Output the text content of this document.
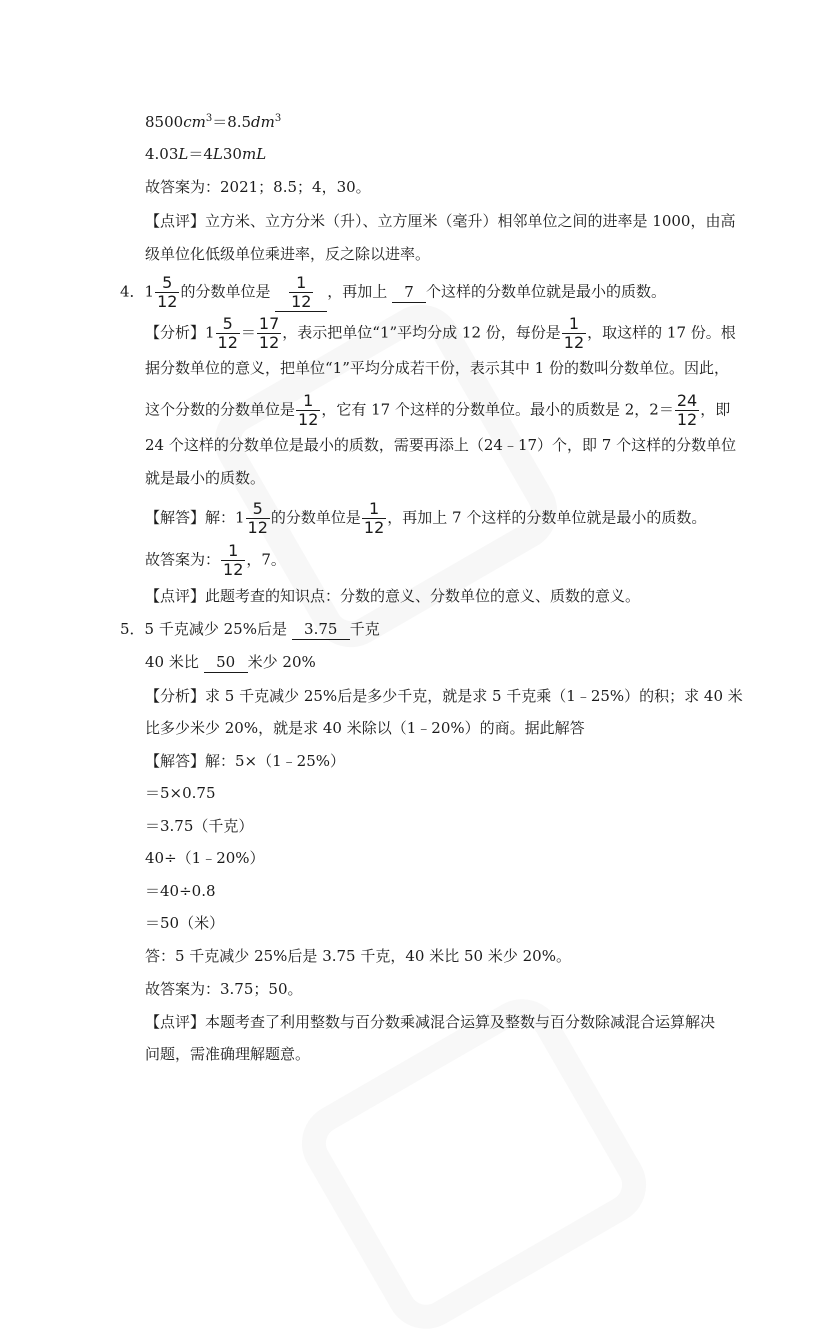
$8500cm^3=8.5dm^3$
4.03L＝4L30mL
故答案为：2021；8.5；4，30。
【点评】立方米、立方分米（升）、立方厘米（毫升）相邻单位之间的进率是 1000，由高
级单位化低级单位乘进率，反之除以进率。
4．$1 \frac{5}{12}$ 的分数单位是 $\frac{1}{12}$ ，再加上 7 个这样的分数单位就是最小的质数。
【分析】$1 \frac{5}{12} = \frac{17}{12}$ ，表示把单位“1”平均分成 12 份，每份是 $\frac{1}{12}$ ，取这样的 17 份。根
据分数单位的意义，把单位“1”平均分成若干份，表示其中 1 份的数叫分数单位。因此，
这个分数的分数单位是 $\frac{1}{12}$ ，它有 17 个这样的分数单位。最小的质数是 2，$2= \frac{24}{12}$ ，即
24 个这样的分数单位是最小的质数，需要再添上（24﹣17）个，即 7 个这样的分数单位
就是最小的质数。
【解答】解：$1 \frac{5}{12}$ 的分数单位是 $\frac{1}{12}$ ，再加上 7 个这样的分数单位就是最小的质数。
故答案为： $\frac{1}{12}$ ，7。
【点评】此题考查的知识点：分数的意义、分数单位的意义、质数的意义。
5．5 千克减少 25%后是 3.75 千克
40 米比 50 米少 20%
【分析】求 5 千克减少 25%后是多少千克，就是求 5 千克乘（1﹣25%）的积；求 40 米
比多少米少 20%，就是求 40 米除以（1﹣20%）的商。据此解答
【解答】解：5×（1﹣25%）
＝5×0.75
＝3.75（千克）
40÷（1﹣20%）
＝40÷0.8
＝50（米）
答：5 千克减少 25%后是 3.75 千克，40 米比 50 米少 20%。
故答案为：3.75；50。
【点评】本题考查了利用整数与百分数乘减混合运算及整数与百分数除减混合运算解决
问题，需准确理解题意。
